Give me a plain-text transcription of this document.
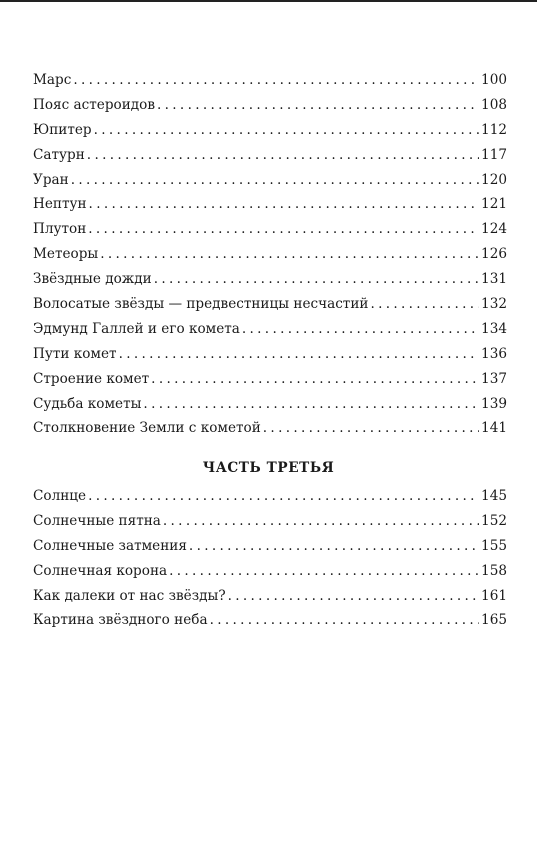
Марс . . .	100
Пояс астероидов . . .	108
Юпитер . . .	112
Сатурн . . .	117
Уран . . .	120
Нептун . . .	121
Плутон . . .	124
Метеоры . . .	126
Звёздные дожди . . .	131
Волосатые звёзды — предвестницы несчастий . . .	132
Эдмунд Галлей и его комета . . .	134
Пути комет . . .	136
Строение комет . . .	137
Судьба кометы . . .	139
Столкновение Земли с кометой . . .	141
ЧАСТЬ ТРЕТЬЯ
Солнце . . .	145
Солнечные пятна . . .	152
Солнечные затмения . . .	155
Солнечная корона . . .	158
Как далеки от нас звёзды? . . .	161
Картина звёздного неба . . .	165
